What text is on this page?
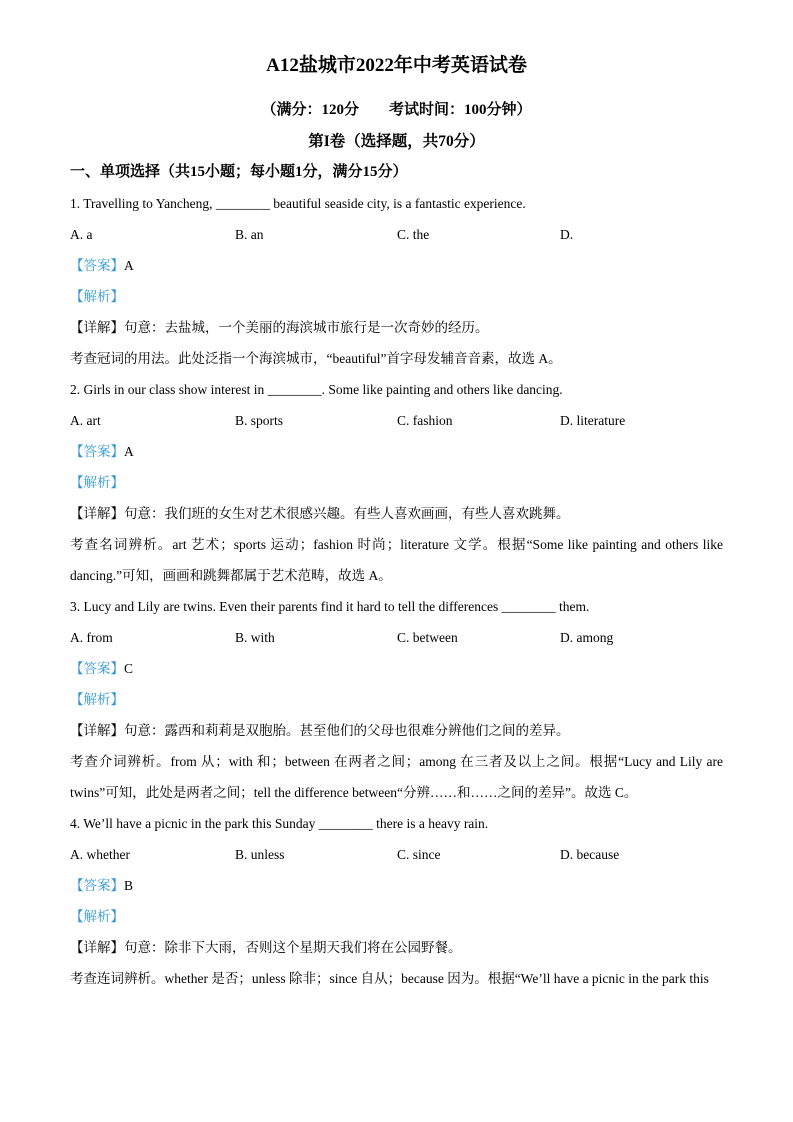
A12盐城市2022年中考英语试卷

（满分：120分　　考试时间：100分钟）

第I卷（选择题，共70分）

一、单项选择（共15小题；每小题1分，满分15分）

1. Travelling to Yancheng, ________ beautiful seaside city, is a fantastic experience.

A. a	B. an	C. the	D.

【答案】A

【解析】

【详解】句意：去盐城，一个美丽的海滨城市旅行是一次奇妙的经历。

考查冠词的用法。此处泛指一个海滨城市，“beautiful”首字母发辅音音素，故选 A。

2. Girls in our class show interest in ________. Some like painting and others like dancing.

A. art	B. sports	C. fashion	D. literature

【答案】A

【解析】

【详解】句意：我们班的女生对艺术很感兴趣。有些人喜欢画画，有些人喜欢跳舞。

考查名词辨析。art 艺术；sports 运动；fashion 时尚；literature 文学。根据“Some like painting and others like dancing.”可知，画画和跳舞都属于艺术范畴，故选 A。

3. Lucy and Lily are twins. Even their parents find it hard to tell the differences ________ them.

A. from	B. with	C. between	D. among

【答案】C

【解析】

【详解】句意：露西和莉莉是双胞胎。甚至他们的父母也很难分辨他们之间的差异。

考查介词辨析。from 从；with 和；between 在两者之间；among 在三者及以上之间。根据“Lucy and Lily are twins”可知，此处是两者之间；tell the difference between“分辨……和……之间的差异”。故选 C。

4. We’ll have a picnic in the park this Sunday ________ there is a heavy rain.

A. whether	B. unless	C. since	D. because

【答案】B

【解析】

【详解】句意：除非下大雨，否则这个星期天我们将在公园野餐。

考查连词辨析。whether 是否；unless 除非；since 自从；because 因为。根据“We’ll have a picnic in the park this
